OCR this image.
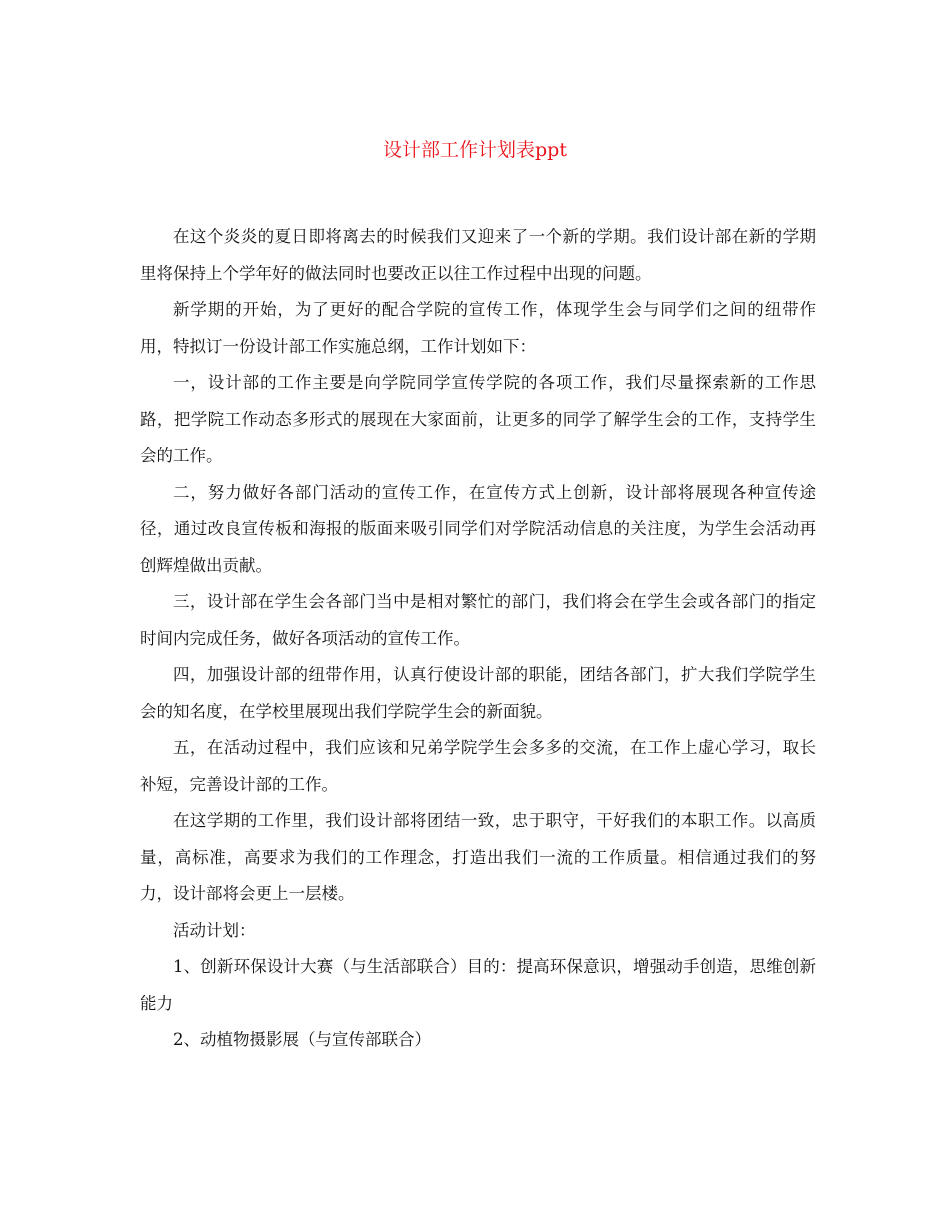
设计部工作计划表ppt

在这个炎炎的夏日即将离去的时候我们又迎来了一个新的学期。我们设计部在新的学期里将保持上个学年好的做法同时也要改正以往工作过程中出现的问题。

新学期的开始，为了更好的配合学院的宣传工作，体现学生会与同学们之间的纽带作用，特拟订一份设计部工作实施总纲，工作计划如下：

一，设计部的工作主要是向学院同学宣传学院的各项工作，我们尽量探索新的工作思路，把学院工作动态多形式的展现在大家面前，让更多的同学了解学生会的工作，支持学生会的工作。

二，努力做好各部门活动的宣传工作，在宣传方式上创新，设计部将展现各种宣传途径，通过改良宣传板和海报的版面来吸引同学们对学院活动信息的关注度，为学生会活动再创辉煌做出贡献。

三，设计部在学生会各部门当中是相对繁忙的部门，我们将会在学生会或各部门的指定时间内完成任务，做好各项活动的宣传工作。

四，加强设计部的纽带作用，认真行使设计部的职能，团结各部门，扩大我们学院学生会的知名度，在学校里展现出我们学院学生会的新面貌。

五，在活动过程中，我们应该和兄弟学院学生会多多的交流，在工作上虚心学习，取长补短，完善设计部的工作。

在这学期的工作里，我们设计部将团结一致，忠于职守，干好我们的本职工作。以高质量，高标准，高要求为我们的工作理念，打造出我们一流的工作质量。相信通过我们的努力，设计部将会更上一层楼。

活动计划：

1、创新环保设计大赛（与生活部联合）目的：提高环保意识，增强动手创造，思维创新能力

2、动植物摄影展（与宣传部联合）
